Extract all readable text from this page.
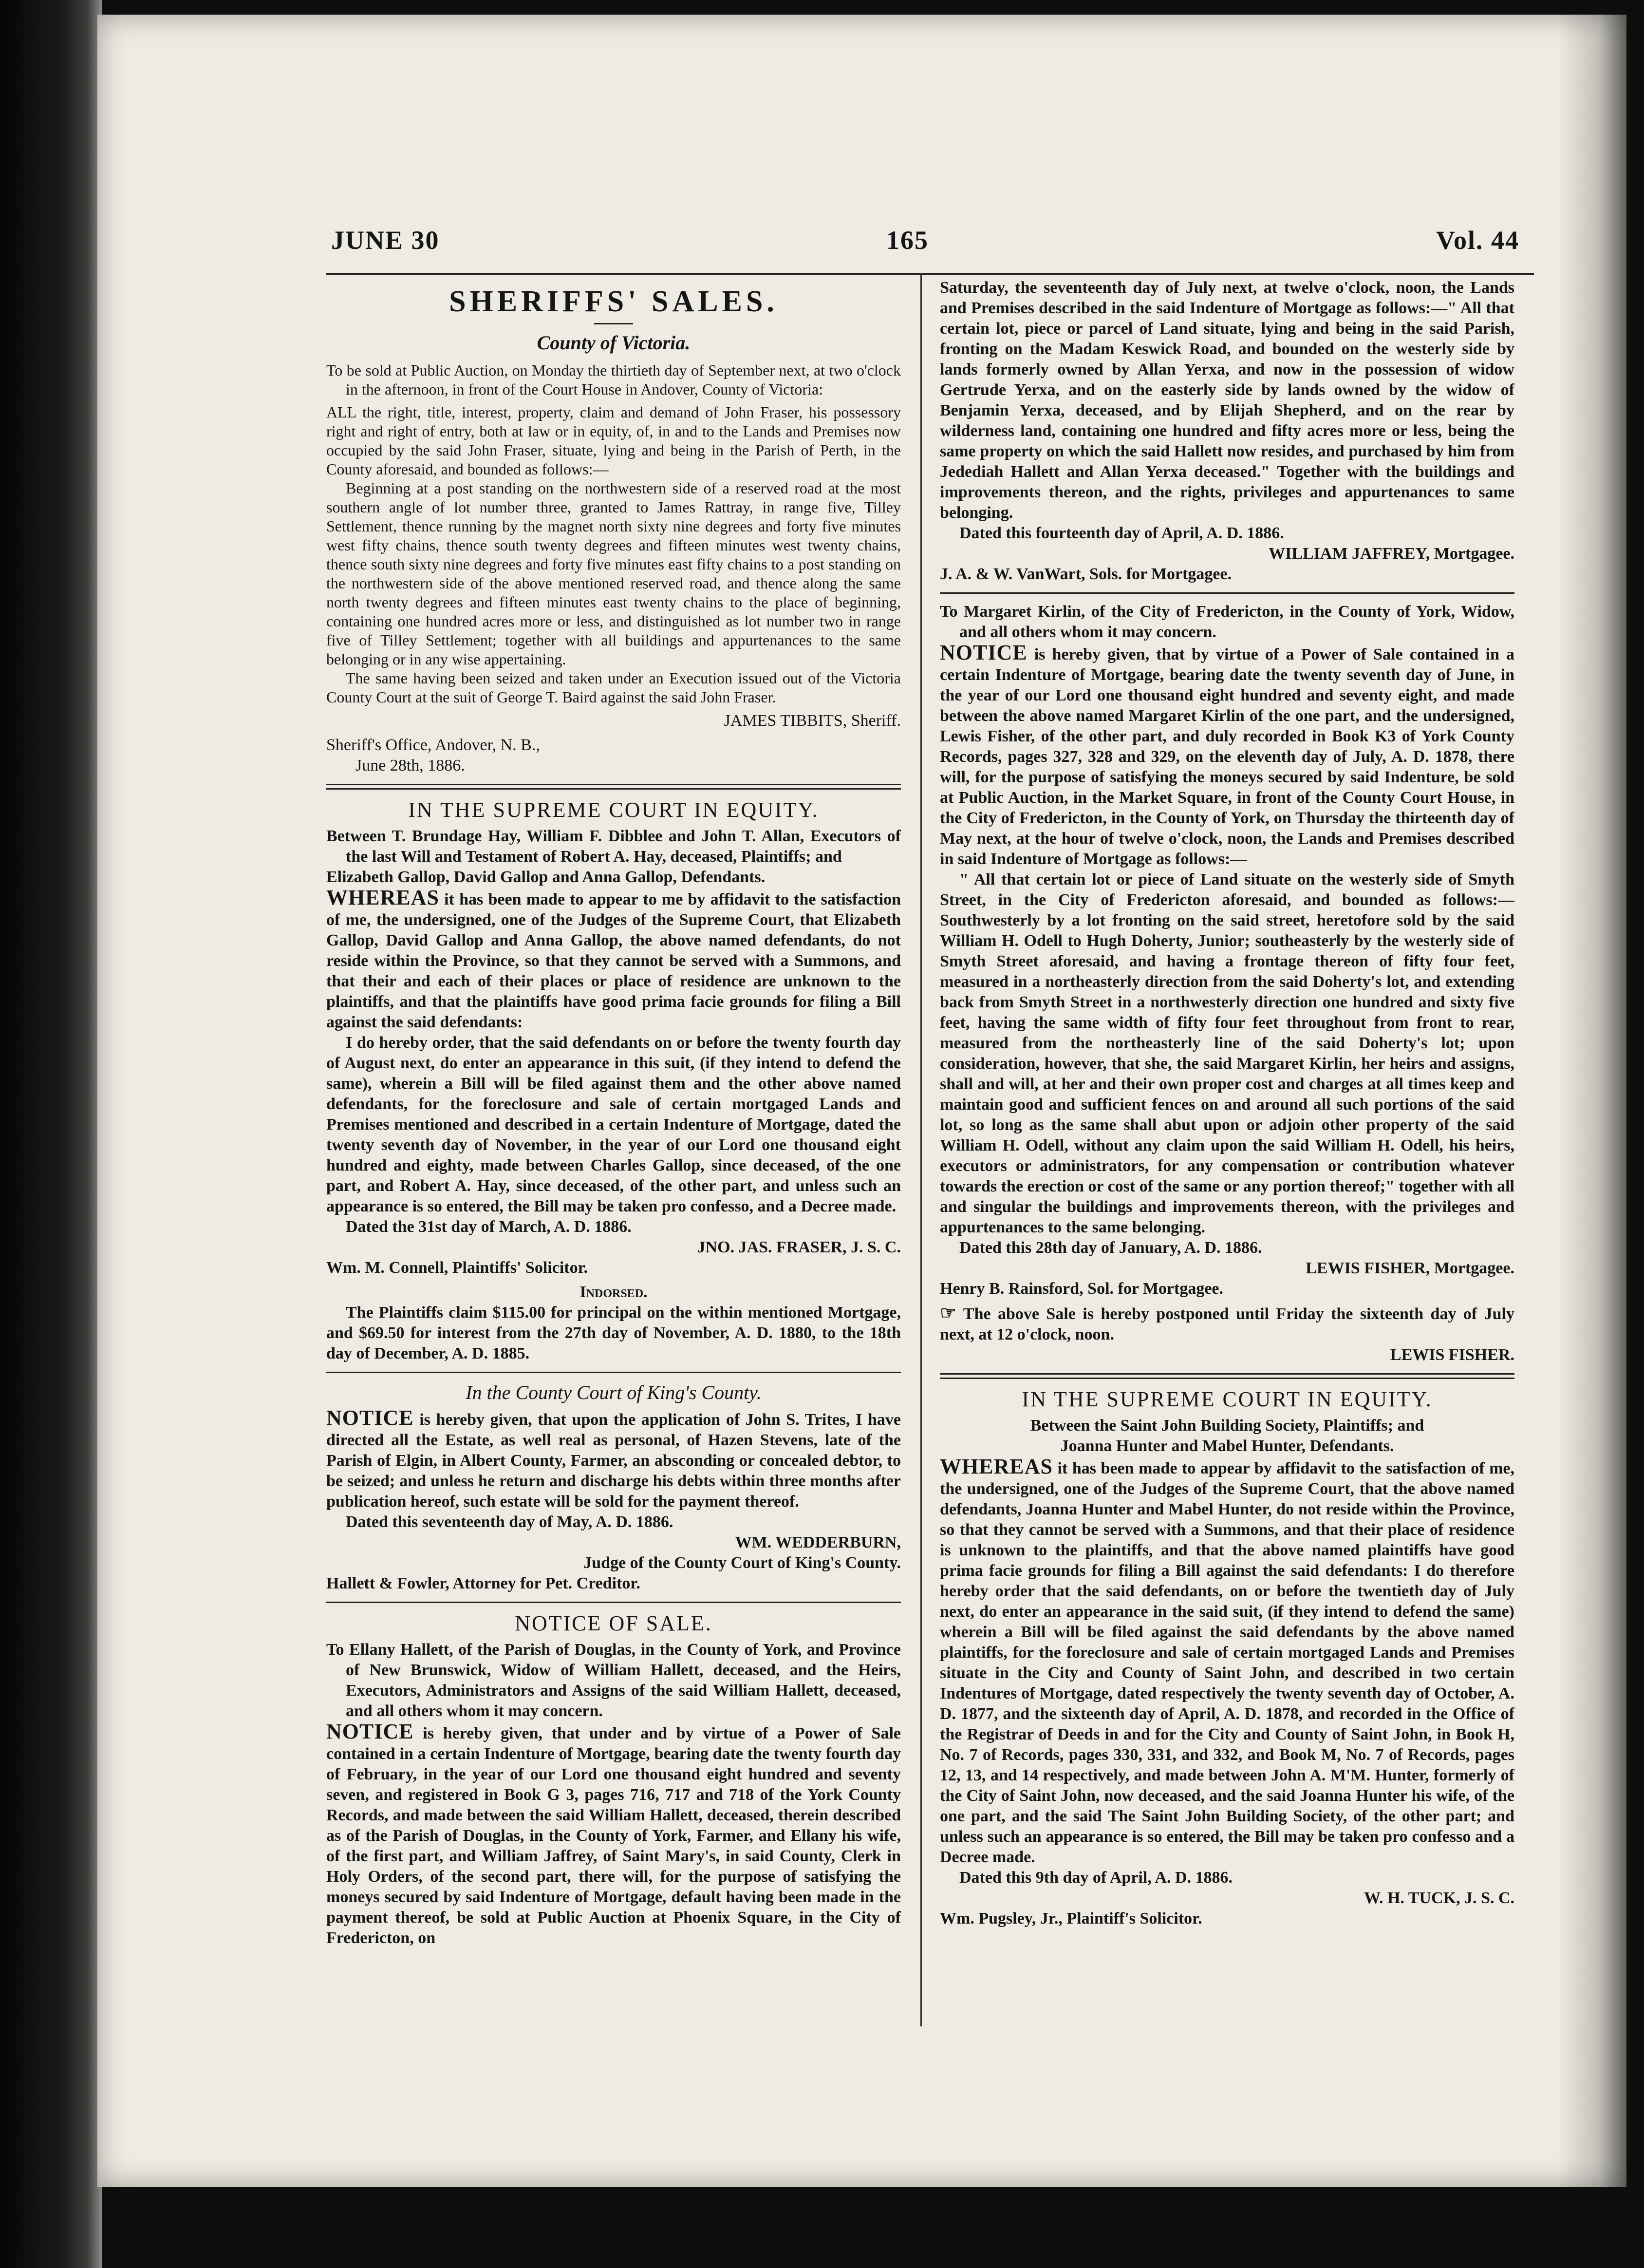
JUNE 30	165	Vol. 44
SHERIFFS' SALES.
County of Victoria.

To be sold at Public Auction, on Monday the thirtieth day of September next, at two o'clock in the afternoon, in front of the Court House in Andover, County of Victoria:

ALL the right, title, interest, property, claim and demand of John Fraser, his possessory right and right of entry, both at law or in equity, of, in and to the Lands and Premises now occupied by the said John Fraser, situate, lying and being in the Parish of Perth, in the County aforesaid, and bounded as follows:—

Beginning at a post standing on the northwestern side of a reserved road at the most southern angle of lot number three, granted to James Rattray, in range five, Tilley Settlement, thence running by the magnet north sixty nine degrees and forty five minutes west fifty chains, thence south twenty degrees and fifteen minutes west twenty chains, thence south sixty nine degrees and forty five minutes east fifty chains to a post standing on the northwestern side of the above mentioned reserved road, and thence along the same north twenty degrees and fifteen minutes east twenty chains to the place of beginning, containing one hundred acres more or less, and distinguished as lot number two in range five of Tilley Settlement; together with all buildings and appurtenances to the same belonging or in any wise appertaining.

The same having been seized and taken under an Execution issued out of the Victoria County Court at the suit of George T. Baird against the said John Fraser.

JAMES TIBBITS, Sheriff.

Sheriff's Office, Andover, N. B.,

June 28th, 1886.

IN THE SUPREME COURT IN EQUITY.

Between T. Brundage Hay, William F. Dibblee and John T. Allan, Executors of the last Will and Testament of Robert A. Hay, deceased, Plaintiffs; and

Elizabeth Gallop, David Gallop and Anna Gallop, Defendants.

WHEREAS it has been made to appear to me by affidavit to the satisfaction of me, the undersigned, one of the Judges of the Supreme Court, that Elizabeth Gallop, David Gallop and Anna Gallop, the above named defendants, do not reside within the Province, so that they cannot be served with a Summons, and that their and each of their places or place of residence are unknown to the plaintiffs, and that the plaintiffs have good prima facie grounds for filing a Bill against the said defendants:

I do hereby order, that the said defendants on or before the twenty fourth day of August next, do enter an appearance in this suit, (if they intend to defend the same), wherein a Bill will be filed against them and the other above named defendants, for the foreclosure and sale of certain mortgaged Lands and Premises mentioned and described in a certain Indenture of Mortgage, dated the twenty seventh day of November, in the year of our Lord one thousand eight hundred and eighty, made between Charles Gallop, since deceased, of the one part, and Robert A. Hay, since deceased, of the other part, and unless such an appearance is so entered, the Bill may be taken pro confesso, and a Decree made.

Dated the 31st day of March, A. D. 1886.

JNO. JAS. FRASER, J. S. C.

Wm. M. Connell, Plaintiffs' Solicitor.

Indorsed.

The Plaintiffs claim $115.00 for principal on the within mentioned Mortgage, and $69.50 for interest from the 27th day of November, A. D. 1880, to the 18th day of December, A. D. 1885.

In the County Court of King's County.

NOTICE is hereby given, that upon the application of John S. Trites, I have directed all the Estate, as well real as personal, of Hazen Stevens, late of the Parish of Elgin, in Albert County, Farmer, an absconding or concealed debtor, to be seized; and unless he return and discharge his debts within three months after publication hereof, such estate will be sold for the payment thereof.

Dated this seventeenth day of May, A. D. 1886.

WM. WEDDERBURN,

Judge of the County Court of King's County.

Hallett & Fowler, Attorney for Pet. Creditor.

NOTICE OF SALE.

To Ellany Hallett, of the Parish of Douglas, in the County of York, and Province of New Brunswick, Widow of William Hallett, deceased, and the Heirs, Executors, Administrators and Assigns of the said William Hallett, deceased, and all others whom it may concern.

NOTICE is hereby given, that under and by virtue of a Power of Sale contained in a certain Indenture of Mortgage, bearing date the twenty fourth day of February, in the year of our Lord one thousand eight hundred and seventy seven, and registered in Book G 3, pages 716, 717 and 718 of the York County Records, and made between the said William Hallett, deceased, therein described as of the Parish of Douglas, in the County of York, Farmer, and Ellany his wife, of the first part, and William Jaffrey, of Saint Mary's, in said County, Clerk in Holy Orders, of the second part, there will, for the purpose of satisfying the moneys secured by said Indenture of Mortgage, default having been made in the payment thereof, be sold at Public Auction at Phoenix Square, in the City of Fredericton, on

Saturday, the seventeenth day of July next, at twelve o'clock, noon, the Lands and Premises described in the said Indenture of Mortgage as follows:—" All that certain lot, piece or parcel of Land situate, lying and being in the said Parish, fronting on the Madam Keswick Road, and bounded on the westerly side by lands formerly owned by Allan Yerxa, and now in the possession of widow Gertrude Yerxa, and on the easterly side by lands owned by the widow of Benjamin Yerxa, deceased, and by Elijah Shepherd, and on the rear by wilderness land, containing one hundred and fifty acres more or less, being the same property on which the said Hallett now resides, and purchased by him from Jedediah Hallett and Allan Yerxa deceased." Together with the buildings and improvements thereon, and the rights, privileges and appurtenances to same belonging.

Dated this fourteenth day of April, A. D. 1886.

WILLIAM JAFFREY, Mortgagee.

J. A. & W. VanWart, Sols. for Mortgagee.

To Margaret Kirlin, of the City of Fredericton, in the County of York, Widow, and all others whom it may concern.

NOTICE is hereby given, that by virtue of a Power of Sale contained in a certain Indenture of Mortgage, bearing date the twenty seventh day of June, in the year of our Lord one thousand eight hundred and seventy eight, and made between the above named Margaret Kirlin of the one part, and the undersigned, Lewis Fisher, of the other part, and duly recorded in Book K3 of York County Records, pages 327, 328 and 329, on the eleventh day of July, A. D. 1878, there will, for the purpose of satisfying the moneys secured by said Indenture, be sold at Public Auction, in the Market Square, in front of the County Court House, in the City of Fredericton, in the County of York, on Thursday the thirteenth day of May next, at the hour of twelve o'clock, noon, the Lands and Premises described in said Indenture of Mortgage as follows:—

" All that certain lot or piece of Land situate on the westerly side of Smyth Street, in the City of Fredericton aforesaid, and bounded as follows:—Southwesterly by a lot fronting on the said street, heretofore sold by the said William H. Odell to Hugh Doherty, Junior; southeasterly by the westerly side of Smyth Street aforesaid, and having a frontage thereon of fifty four feet, measured in a northeasterly direction from the said Doherty's lot, and extending back from Smyth Street in a northwesterly direction one hundred and sixty five feet, having the same width of fifty four feet throughout from front to rear, measured from the northeasterly line of the said Doherty's lot; upon consideration, however, that she, the said Margaret Kirlin, her heirs and assigns, shall and will, at her and their own proper cost and charges at all times keep and maintain good and sufficient fences on and around all such portions of the said lot, so long as the same shall abut upon or adjoin other property of the said William H. Odell, without any claim upon the said William H. Odell, his heirs, executors or administrators, for any compensation or contribution whatever towards the erection or cost of the same or any portion thereof;" together with all and singular the buildings and improvements thereon, with the privileges and appurtenances to the same belonging.

Dated this 28th day of January, A. D. 1886.

LEWIS FISHER, Mortgagee.

Henry B. Rainsford, Sol. for Mortgagee.

☞ The above Sale is hereby postponed until Friday the sixteenth day of July next, at 12 o'clock, noon.

LEWIS FISHER.

IN THE SUPREME COURT IN EQUITY.

Between the Saint John Building Society, Plaintiffs; and

Joanna Hunter and Mabel Hunter, Defendants.

WHEREAS it has been made to appear by affidavit to the satisfaction of me, the undersigned, one of the Judges of the Supreme Court, that the above named defendants, Joanna Hunter and Mabel Hunter, do not reside within the Province, so that they cannot be served with a Summons, and that their place of residence is unknown to the plaintiffs, and that the above named plaintiffs have good prima facie grounds for filing a Bill against the said defendants: I do therefore hereby order that the said defendants, on or before the twentieth day of July next, do enter an appearance in the said suit, (if they intend to defend the same) wherein a Bill will be filed against the said defendants by the above named plaintiffs, for the foreclosure and sale of certain mortgaged Lands and Premises situate in the City and County of Saint John, and described in two certain Indentures of Mortgage, dated respectively the twenty seventh day of October, A. D. 1877, and the sixteenth day of April, A. D. 1878, and recorded in the Office of the Registrar of Deeds in and for the City and County of Saint John, in Book H, No. 7 of Records, pages 330, 331, and 332, and Book M, No. 7 of Records, pages 12, 13, and 14 respectively, and made between John A. M'M. Hunter, formerly of the City of Saint John, now deceased, and the said Joanna Hunter his wife, of the one part, and the said The Saint John Building Society, of the other part; and unless such an appearance is so entered, the Bill may be taken pro confesso and a Decree made.

Dated this 9th day of April, A. D. 1886.

W. H. TUCK, J. S. C.

Wm. Pugsley, Jr., Plaintiff's Solicitor.
